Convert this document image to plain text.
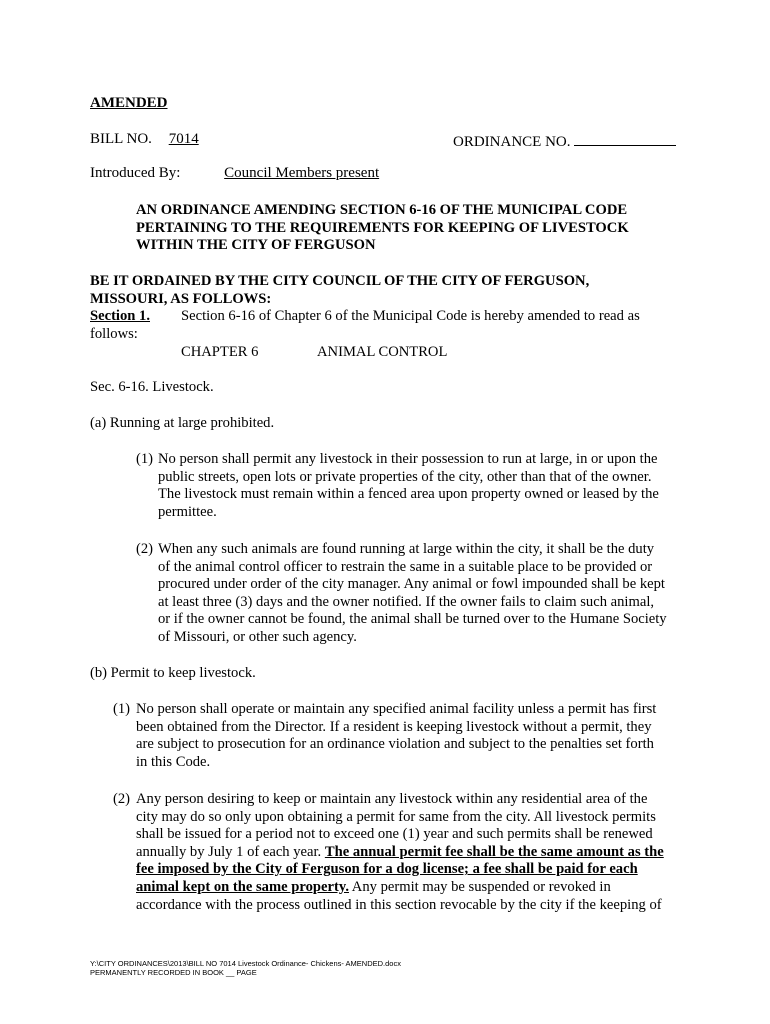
AMENDED
BILL NO. 7014	ORDINANCE NO.
Introduced By:	Council Members present
AN ORDINANCE AMENDING SECTION 6-16 OF THE MUNICIPAL CODE
PERTAINING TO THE REQUIREMENTS FOR KEEPING OF LIVESTOCK
WITHIN THE CITY OF FERGUSON
BE IT ORDAINED BY THE CITY COUNCIL OF THE CITY OF FERGUSON,
MISSOURI, AS FOLLOWS:
Section 1. Section 6-16 of Chapter 6 of the Municipal Code is hereby amended to read as
follows:
CHAPTER 6	ANIMAL CONTROL
Sec. 6-16. Livestock.
(a) Running at large prohibited.
(1) No person shall permit any livestock in their possession to run at large, in or upon the
public streets, open lots or private properties of the city, other than that of the owner.
The livestock must remain within a fenced area upon property owned or leased by the
permittee.
(2) When any such animals are found running at large within the city, it shall be the duty
of the animal control officer to restrain the same in a suitable place to be provided or
procured under order of the city manager. Any animal or fowl impounded shall be kept
at least three (3) days and the owner notified. If the owner fails to claim such animal,
or if the owner cannot be found, the animal shall be turned over to the Humane Society
of Missouri, or other such agency.
(b) Permit to keep livestock.
(1) No person shall operate or maintain any specified animal facility unless a permit has first
been obtained from the Director. If a resident is keeping livestock without a permit, they
are subject to prosecution for an ordinance violation and subject to the penalties set forth
in this Code.
(2) Any person desiring to keep or maintain any livestock within any residential area of the
city may do so only upon obtaining a permit for same from the city. All livestock permits
shall be issued for a period not to exceed one (1) year and such permits shall be renewed
annually by July 1 of each year. The annual permit fee shall be the same amount as the
fee imposed by the City of Ferguson for a dog license; a fee shall be paid for each
animal kept on the same property. Any permit may be suspended or revoked in
accordance with the process outlined in this section revocable by the city if the keeping of
Y:\CITY ORDINANCES\2013\BILL NO 7014 Livestock Ordinance- Chickens- AMENDED.docx
PERMANENTLY RECORDED IN BOOK __ PAGE
